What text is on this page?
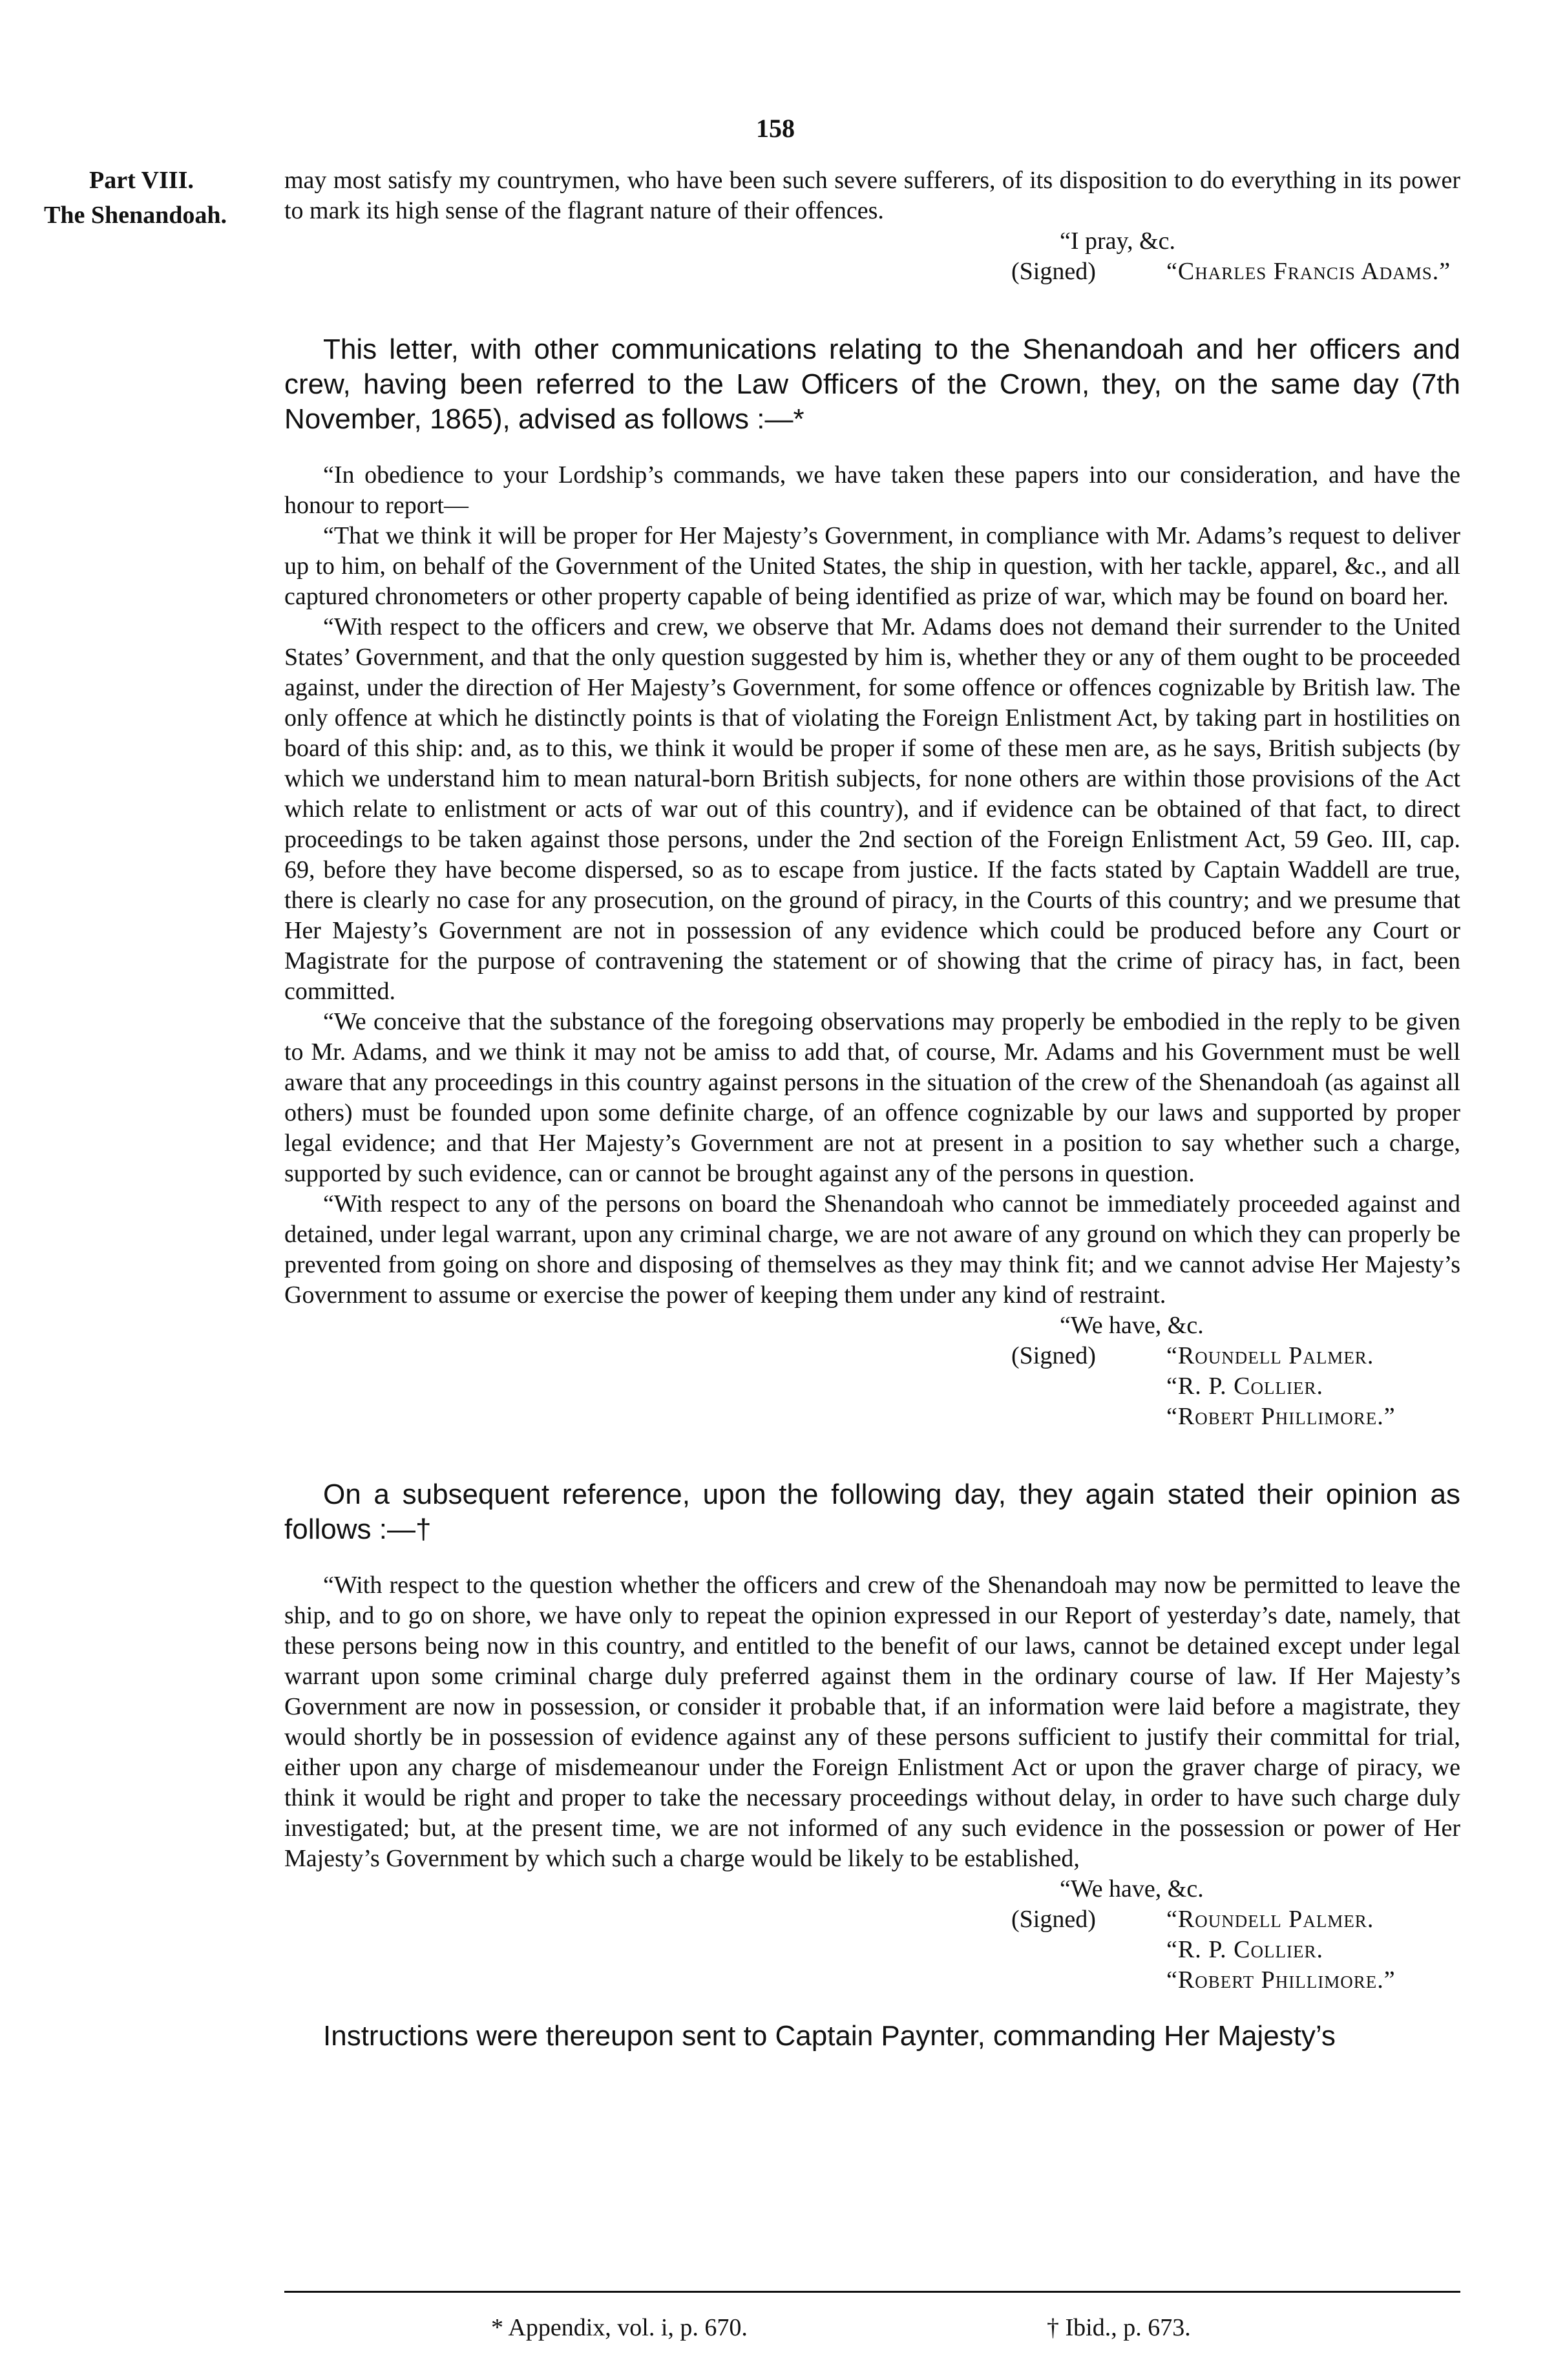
158
Part VIII.
The Shenandoah.

may most satisfy my countrymen, who have been such severe sufferers, of its disposition to do everything in its power to mark its high sense of the flagrant nature of their offences.

“I pray, &c.
(Signed)	“Charles Francis Adams.”

This letter, with other communications relating to the Shenandoah and her officers and crew, having been referred to the Law Officers of the Crown, they, on the same day (7th November, 1865), advised as follows :—*

“In obedience to your Lordship’s commands, we have taken these papers into our consideration, and have the honour to report—

“That we think it will be proper for Her Majesty’s Government, in compliance with Mr. Adams’s request to deliver up to him, on behalf of the Government of the United States, the ship in question, with her tackle, apparel, &c., and all captured chronometers or other property capable of being identified as prize of war, which may be found on board her.

“With respect to the officers and crew, we observe that Mr. Adams does not demand their surrender to the United States’ Government, and that the only question suggested by him is, whether they or any of them ought to be proceeded against, under the direction of Her Majesty’s Government, for some offence or offences cognizable by British law. The only offence at which he distinctly points is that of violating the Foreign Enlistment Act, by taking part in hostilities on board of this ship: and, as to this, we think it would be proper if some of these men are, as he says, British subjects (by which we understand him to mean natural-born British subjects, for none others are within those provisions of the Act which relate to enlistment or acts of war out of this country), and if evidence can be obtained of that fact, to direct proceedings to be taken against those persons, under the 2nd section of the Foreign Enlistment Act, 59 Geo. III, cap. 69, before they have become dispersed, so as to escape from justice. If the facts stated by Captain Waddell are true, there is clearly no case for any prosecution, on the ground of piracy, in the Courts of this country; and we presume that Her Majesty’s Government are not in possession of any evidence which could be produced before any Court or Magistrate for the purpose of contravening the statement or of showing that the crime of piracy has, in fact, been committed.

“We conceive that the substance of the foregoing observations may properly be embodied in the reply to be given to Mr. Adams, and we think it may not be amiss to add that, of course, Mr. Adams and his Government must be well aware that any proceedings in this country against persons in the situation of the crew of the Shenandoah (as against all others) must be founded upon some definite charge, of an offence cognizable by our laws and supported by proper legal evidence; and that Her Majesty’s Government are not at present in a position to say whether such a charge, supported by such evidence, can or cannot be brought against any of the persons in question.

“With respect to any of the persons on board the Shenandoah who cannot be immediately proceeded against and detained, under legal warrant, upon any criminal charge, we are not aware of any ground on which they can properly be prevented from going on shore and disposing of themselves as they may think fit; and we cannot advise Her Majesty’s Government to assume or exercise the power of keeping them under any kind of restraint.

“We have, &c.
(Signed)	“Roundell Palmer.
“R. P. Collier.
“Robert Phillimore.”

On a subsequent reference, upon the following day, they again stated their opinion as follows :—†

“With respect to the question whether the officers and crew of the Shenandoah may now be permitted to leave the ship, and to go on shore, we have only to repeat the opinion expressed in our Report of yesterday’s date, namely, that these persons being now in this country, and entitled to the benefit of our laws, cannot be detained except under legal warrant upon some criminal charge duly preferred against them in the ordinary course of law. If Her Majesty’s Government are now in possession, or consider it probable that, if an information were laid before a magistrate, they would shortly be in possession of evidence against any of these persons sufficient to justify their committal for trial, either upon any charge of misdemeanour under the Foreign Enlistment Act or upon the graver charge of piracy, we think it would be right and proper to take the necessary proceedings without delay, in order to have such charge duly investigated; but, at the present time, we are not informed of any such evidence in the possession or power of Her Majesty’s Government by which such a charge would be likely to be established,

“We have, &c.
(Signed)	“Roundell Palmer.
“R. P. Collier.
“Robert Phillimore.”

Instructions were thereupon sent to Captain Paynter, commanding Her Majesty’s

* Appendix, vol. i, p. 670.	† Ibid., p. 673.
